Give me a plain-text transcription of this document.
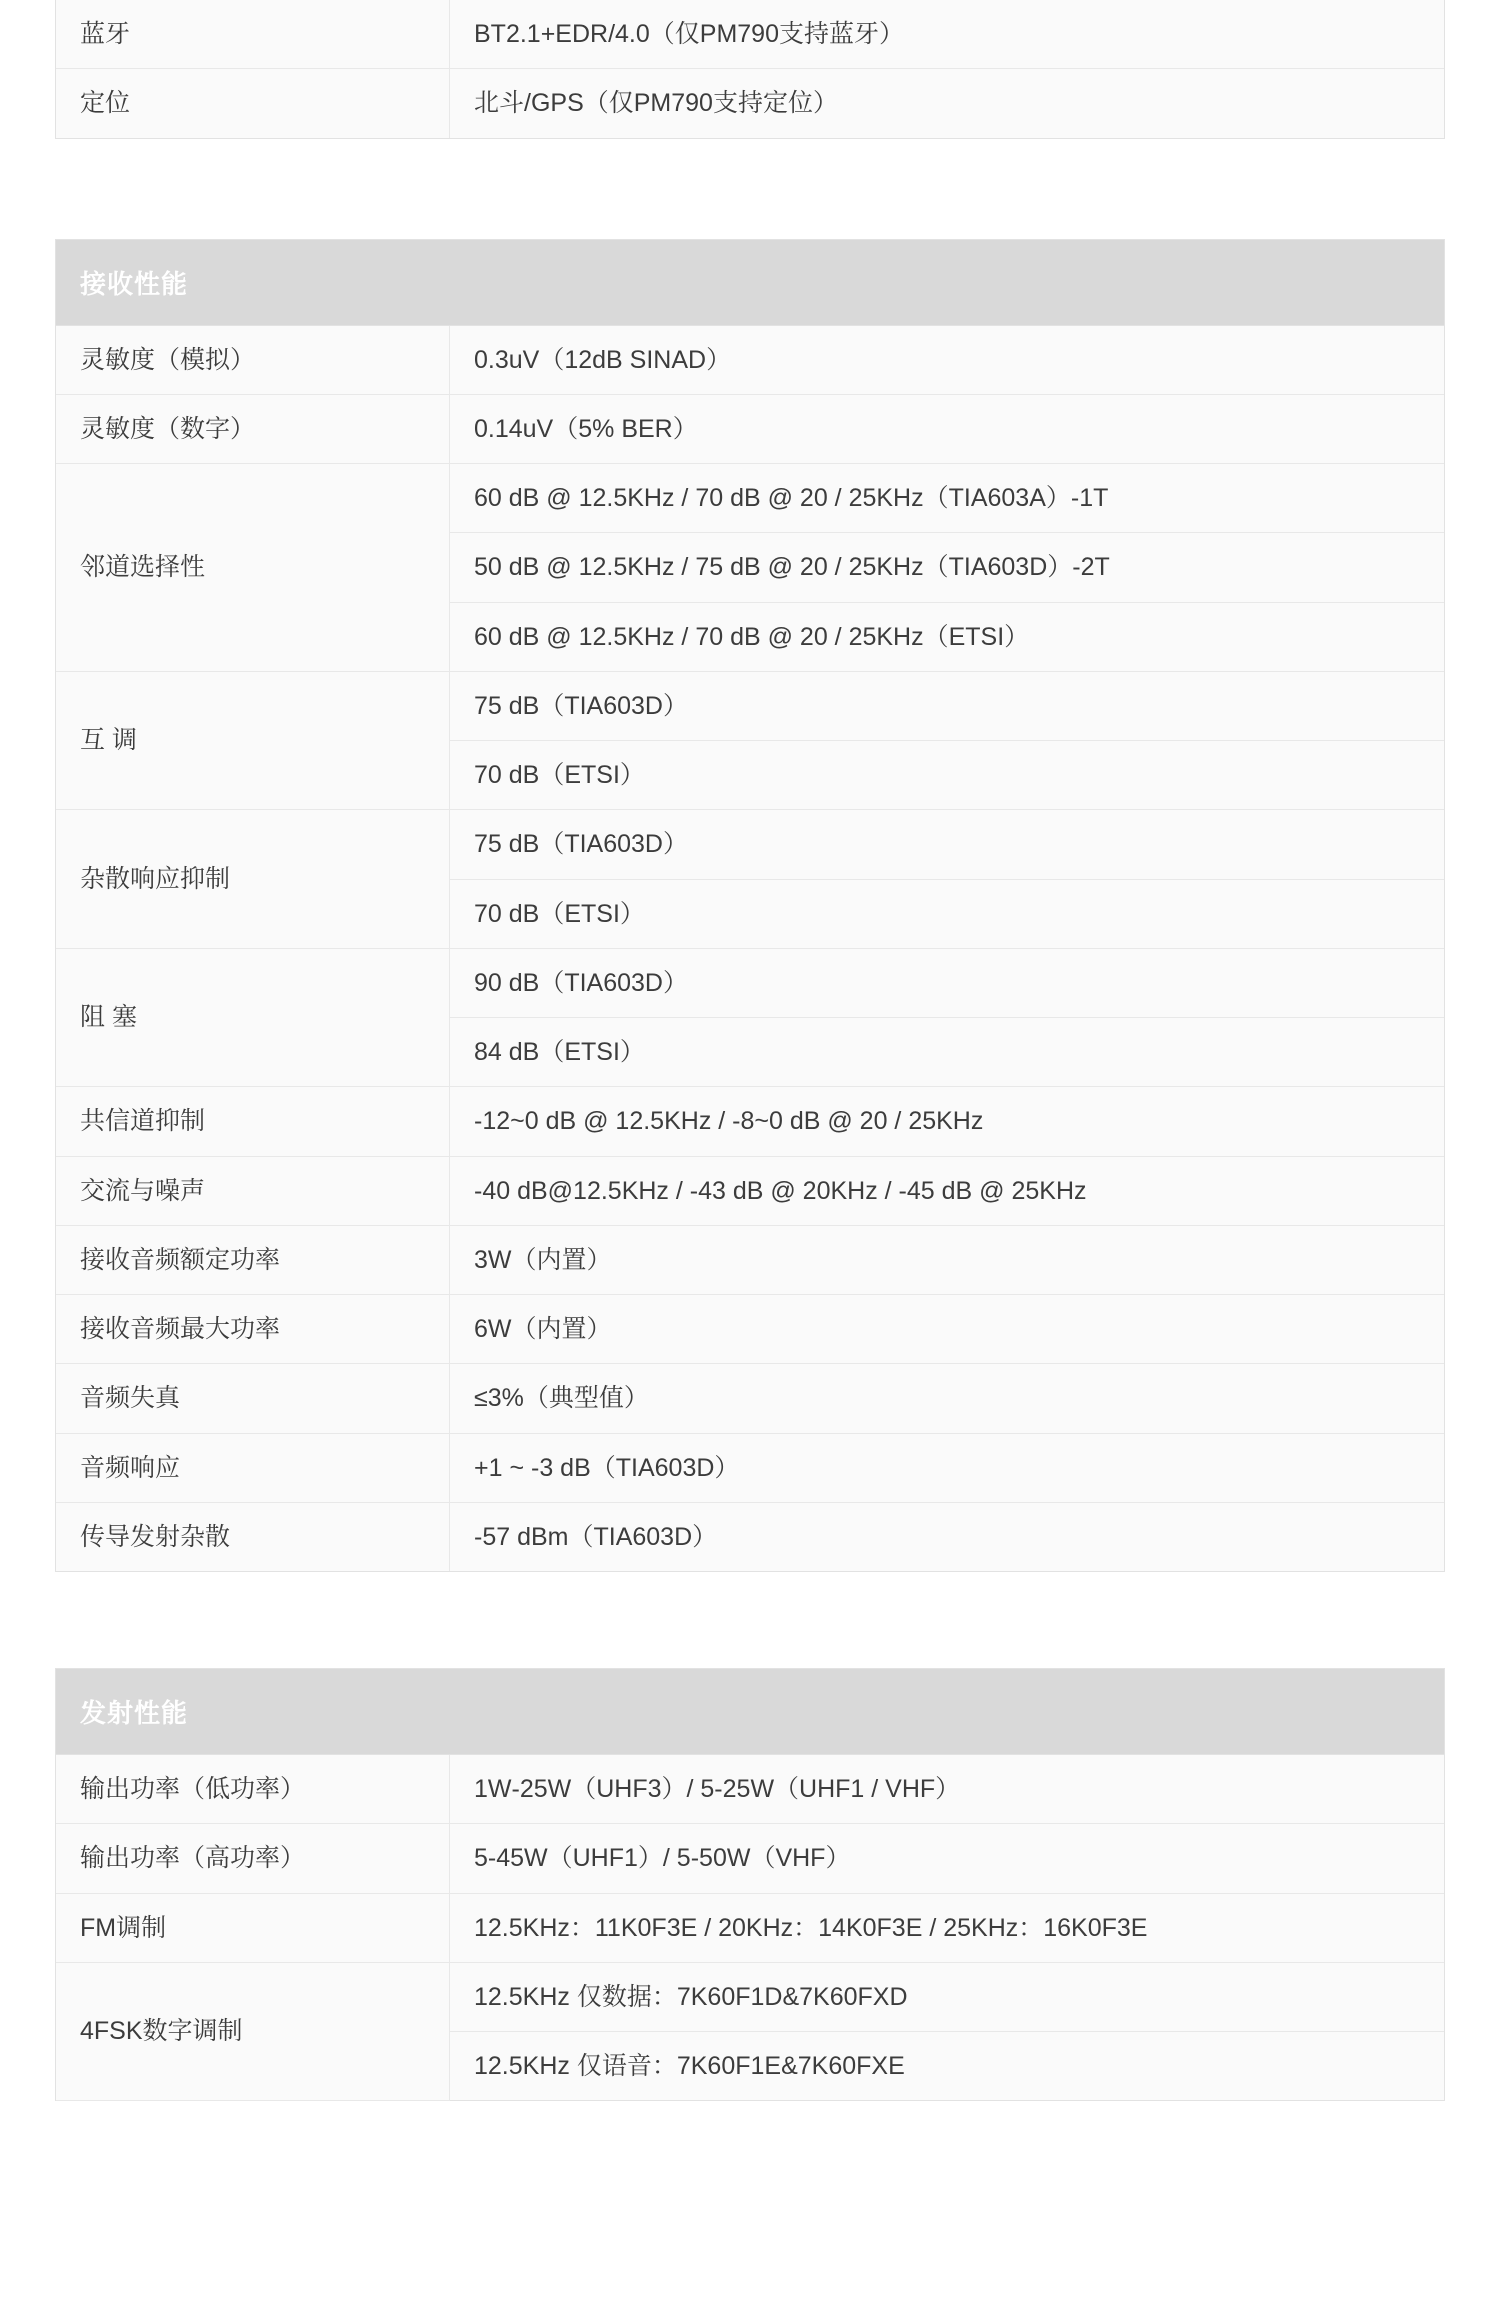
蓝牙	BT2.1+EDR/4.0（仅PM790支持蓝牙）
定位	北斗/GPS（仅PM790支持定位）
接收性能
灵敏度（模拟）	0.3uV（12dB SINAD）
灵敏度（数字）	0.14uV（5% BER）
邻道选择性	60 dB @ 12.5KHz / 70 dB @ 20 / 25KHz（TIA603A）‑1T
	50 dB @ 12.5KHz / 75 dB @ 20 / 25KHz（TIA603D）‑2T
	60 dB @ 12.5KHz / 70 dB @ 20 / 25KHz（ETSI）
互 调	75 dB（TIA603D）
	70 dB（ETSI）
杂散响应抑制	75 dB（TIA603D）
	70 dB（ETSI）
阻 塞	90 dB（TIA603D）
	84 dB（ETSI）
共信道抑制	‑12~0 dB @ 12.5KHz / ‑8~0 dB @ 20 / 25KHz
交流与噪声	‑40 dB@12.5KHz / ‑43 dB @ 20KHz / ‑45 dB @ 25KHz
接收音频额定功率	3W（内置）
接收音频最大功率	6W（内置）
音频失真	≤3%（典型值）
音频响应	+1 ~ ‑3 dB（TIA603D）
传导发射杂散	‑57 dBm（TIA603D）
发射性能
输出功率（低功率）	1W‑25W（UHF3）/ 5‑25W（UHF1 / VHF）
输出功率（高功率）	5‑45W（UHF1）/ 5‑50W（VHF）
FM调制	12.5KHz：11K0F3E / 20KHz：14K0F3E / 25KHz：16K0F3E
4FSK数字调制	12.5KHz 仅数据：7K60F1D&7K60FXD
	12.5KHz 仅语音：7K60F1E&7K60FXE
